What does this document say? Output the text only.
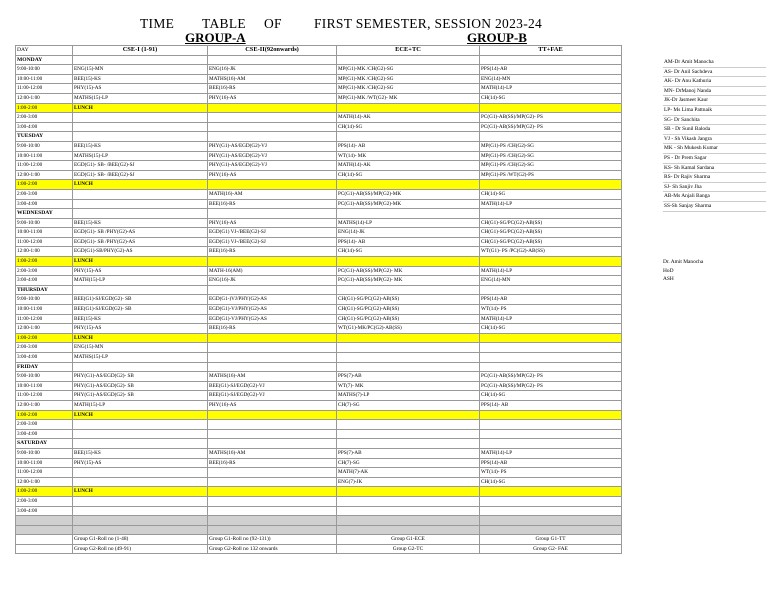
TIME TABLE OF FIRST SEMESTER, SESSION 2023-24
GROUP-A	GROUP-B
DAY	CSE-I (1-91)	CSE-II(92onwards)	ECE+TC	TT+FAE
MONDAY				
9:00-10:00	ENG(15)-MN	ENG(16)-JK	MP(G1)-MK /CH(G2)-SG	PPS(14)-AB
10:00-11:00	BEE(15)-KS	MATHS(16)-AM	MP(G1)-MK /CH(G2)-SG	ENG(14)-MN
11:00-12:00	PHY(15)-AS	BEE(16)-RS	MP(G1)-MK /CH(G2)-SG	MATH(14)-LP
12:00-1:00	MATHS(15)-LP	PHY(16)-AS	MP(G1)-MK /WT(G2)- MK	CH(14)-SG
1:00-2:00	LUNCH			
2:00-3:00			MATH(14)-AK	PC(G1)-AB(SS)/MP(G2)- PS
3:00-4:00			CH(14)-SG	PC(G1)-AB(SS)/MP(G2)- PS
TUESDAY				
9:00-10:00	BEE(15)-KS	PHY(G1)-AS/EGD(G2)-VJ	PPS(14)- AB	MP(G1)-PS /CH(G2)-SG
10:00-11:00	MATHS(15)-LP	PHY(G1)-AS/EGD(G2)-VJ	WT(14)- MK	MP(G1)-PS /CH(G2)-SG
11:00-12:00	EGD(G1)- SB- /BEE(G2)-SJ	PHY(G1)-AS/EGD(G2)-VJ	MATH(14)-AK	MP(G1)-PS /CH(G2)-SG
12:00-1:00	EGD(G1)- SB- /BEE(G2)-SJ	PHY(16)-AS	CH(14)-SG	MP(G1)-PS /WT(G2)-PS
1:00-2:00	LUNCH			
2:00-3:00		MATH(16)-AM	PC(G1)-AB(SS)/MP(G2)-MK	CH(14)-SG
3:00-4:00		BEE(16)-RS	PC(G1)-AB(SS)/MP(G2)-MK	MATH(14)-LP
WEDNESDAY				
9:00-10:00	BEE(15)-KS	PHY(16)-AS	MATHS(14)-LP	CH(G1)-SG/PC(G2)-AB(SS)
10:00-11:00	EGD(G1)- SB /PHY(G2)-AS	EGD(G1) VJ-/BEE(G2)-SJ	ENG(14)-JK	CH(G1)-SG/PC(G2)-AB(SS)
11:00-12:00	EGD(G1)- SB /PHY(G2)-AS	EGD(G1) VJ-/BEE(G2)-SJ	PPS(14)- AB	CH(G1)-SG/PC(G2)-AB(SS)
12:00-1:00	EGD(G1)-SB/PHY(G2)-AS	BEE(16)-RS	CH(14)-SG	WT(G1)- PS /PC(G2)-AB(SS)
1:00-2:00	LUNCH			
2:00-3:00	PHY(15)-AS	MATH-16(AM)	PC(G1)-AB(SS)/MP(G2)- MK	MATH(14)-LP
3:00-4:00	MATH(15)-LP	ENG(16)-JK	PC(G1)-AB(SS)/MP(G2)- MK	ENG(14)-MN
THURSDAY				
9:00-10:00	BEE(G1)-SJ/EGD(G2)- SB	EGD(G1-)VJ/PHY(G2)-AS	CH(G1)-SG/PC(G2)-AB(SS)	PPS(14)-AB
10:00-11:00	BEE(G1)-SJ/EGD(G2)- SB	EGD(G1)-VJ/PHY(G2)-AS	CH(G1)-SG/PC(G2)-AB(SS)	WT(14)- PS
11:00-12:00	BEE(15)-KS	EGD(G1)-VJ/PHY(G2)-AS	CH(G1)-SG/PC(G2)-AB(SS)	MATH(14)-LP
12:00-1:00	PHY(15)-AS	BEE(16)-RS	WT(G1)-MK/PC(G2)-AB(SS)	CH(14)-SG
1:00-2:00	LUNCH			
2:00-3:00	ENG(15)-MN			
3:00-4:00	MATHS(15)-LP			
FRIDAY				
9:00-10:00	PHY(G1)-AS/EGD(G2)- SB	MATHS(16)-AM	PPS(7)-AB	PC(G1)-AB(SS)/MP(G2)- PS
10:00-11:00	PHY(G1)-AS/EGD(G2)- SB	BEE(G1)-SJ/EGD(G2)-VJ	WT(7)- MK	PC(G1)-AB(SS)/MP(G2)- PS
11:00-12:00	PHY(G1)-AS/EGD(G2)- SB	BEE(G1)-SJ/EGD(G2)-VJ	MATHS(7)-LP	CH(14)-SG
12:00-1:00	MATH(15)-LP	PHY(16)-AS	CH(7)-SG	PPS(14)- AB
1:00-2:00	LUNCH			
2:00-3:00				
3:00-4:00				
SATURDAY				
9:00-10:00	BEE(15)-KS	MATHS(16)-AM	PPS(7)-AB	MATH(14)-LP
10:00-11:00	PHY(15)-AS	BEE(16)-RS	CH(7)-SG	PPS(14)-AB
11:00-12:00			MATH(7)-AK	WT(14)- PS
12:00-1:00			ENG(7)-JK	CH(14)-SG
1:00-2:00	LUNCH			
2:00-3:00				
3:00-4:00				

	Group G1-Roll no (1-48)	Group G1-Roll no (92-131))	Group G1-ECE	Group G1-TT
	Group G2-Roll no (49-91)	Group G2-Roll no 132 onwards	Group G2-TC	Group G2- FAE
AM-Dr Amit Manocha
AS- Dr Anil Sachdeva
AK- Dr Anu Kathuria
MN- DrManoj Nanda
JK-Dr Jasmeet Kaur
LP- Ms Lima Pattnaik
SG- Dr Sanchita
SB - Dr Sunil Baloda
VJ - Sh Vikash Jangra
MK - Sh Mukesh Kumar
PS - Dr Prem Sagar
KS- Sh Kamal Sardana
RS- Dr Rajiv Sharma
SJ- Sh Sanjiv Jha
AB-Ms Anjali Banga
SS-Sh Sanjay Sharma
Dr. Amit Manocha
HoD
ASH
